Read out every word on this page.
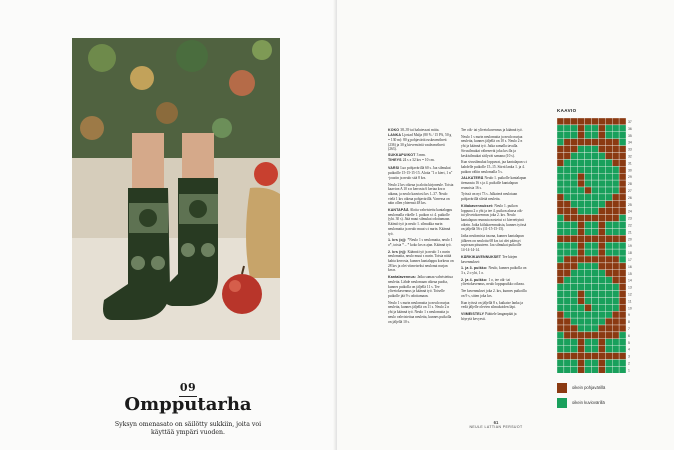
09
Ompputarha
Syksyn omenasato on säilötty sukkiin, joita voi käyttää ympäri vuoden.
KOKO 38–39 tai halutessasi mitta.
LANKA Ljostad Malja (80 % / 15 PA, 50 g = 130 m): 80 g pohjaväriä ruskeanvihreä (236) ja 30 g kirvenväriä vaaleanvihreä (263).
SUKKAPUIKOT 3 mm.
TIHEYS 24 s x 32 krs = 10 cm.

VARSI Luo pohjavärillä 60 s. Jaa silmukat puikoille 15-15-15-15. Aloita "1 o kiert, 1 n" -joustin ja neulo sitä 8 krs.

Neulo 2 krs oikeaa ja aloita kirjoneule. Toista kaavion A 10 s:n kerrosta 6 kertaa krs:n aikana, ja neulo kaaviosi krs 1–37. Neulo vielä 1 krs oikeaa pohjavärillä. Varressa on näin ollen yhteensä 48 krs.

KANTAPÄÄ Aloita vahvistettu kantalappu neulomalla vikelle 1. puikon s:t 4. puikolle (yht. 30 s). Jätä muut silmukat odottamaan. Kääntö työ ja neulo 1. silmukka nurin neulomatta ja neulo muut s:t nurin. Käännä työ.

1. krs (oj): *Neulo 1 s neulomatta, neulo 1 o*, toista * – * koko krs:n ajan. Käännä työ.

2. krs (nj): Käännä työ ja neulo 1 s nurin neulomatta, neulo muut s nurin. Toista näitä kahta kerrosta, kunnes kantalappu korkeus on 28 krs ja olet viimeiseksi neulonut nurjan krs:n.

Kantalavennus: Jatka samaa vahvistettua neuletta. Lähde neulomaan oikeaa puolta, kunnes puikolla on jäljellä 11 s. Tee ylivetokavennus ja käännä työ. Toiselle puikolle jää 9 s odottamaan.

Neulo 1 s nurin neulomatta ja neulo nurjaa neuletta, kunnes jäljellä on 11 s. Neulo 2 n yht ja käännä työ. Neulo 1 s neulomatta ja neulo vahvistettua neuletta, kunnes puikolla on jäljellä 10 s.

Tee oik- tai ylivetokavennus ja käännä työ.

Neulo 1 s nurin neulomatta ja neulo nurjaa neuletta, kunnes jäljellä on 10 s. Neulo 2 n yht ja käännä työ. Jatka samalla tavalla. Sivusilmukat vähenevät joka krs:lla ja keskisilmukat säilyvät samana (10 s).

Kun sivusilmukat loppuvat, jaa kantalapun s:t kahdelle puikolle 15–15. Siirrä lanka 1. ja 4. puikon väliin neulomalla 5 s.

JALKATERÄ Neulo 1. puikolle kantalapun tiemaasta 16 s ja 4. puikolle kantalapun reunoista 16 s.

Työssä on nyt 73 s. Jalkaterä neulotaan pohjavärillä sileää neuletta.

Kiilakavennukset: Neulo 1. puikon loppuna 2 o yht ja tee 4. puikon alussa oik- tai ylivetokavennus joka 2. krs. Neulo kantalapun reunasta nostetut s:t kierrettyinä oikein. Jatka kiilakavennuksia, kunnes työssä on jäljellä 56 s (11-15-15-15).

Jatka neulomista tasona, kunnes kantalapun jälkeen on neulottu 68 krs tai olet päässyt sopivaan pituuteen. Jaa silmukat puikoille 14-14-14-14.

KÄRKIKAVENNUKSET Tee kärjen kavennukset:

1. ja 3. puikko: Neulo, kunnes puikolla on 3 s, 2 o yht, 1 o.

2. ja 4. puikko: 1 o, tee oik- tai ylivetokavennus, neulo loppupuikko oikeaa.

Tee kavennukset joka 2. krs, kunnes puikoilla on 9 s, sitten joka krs.

Kun työssä on jäljellä 8 s, katkaise lanka ja vedä jäljelle olevien silmukoiden läpi.

VIIMEISTELY Päättele langanpäät ja höyrytä kevyesti.

KAAVIO
37
36
35
34
33
32
31
30
29
28
27
26
25
24
23
22
21
20
19
18
17
16
15
14
13
12
11
10
9
8
7
6
5
4
3
2
1
oikein pohjavärillä
oikein kuviovärillä
61
NEULE LATTIAN PERSUOT
